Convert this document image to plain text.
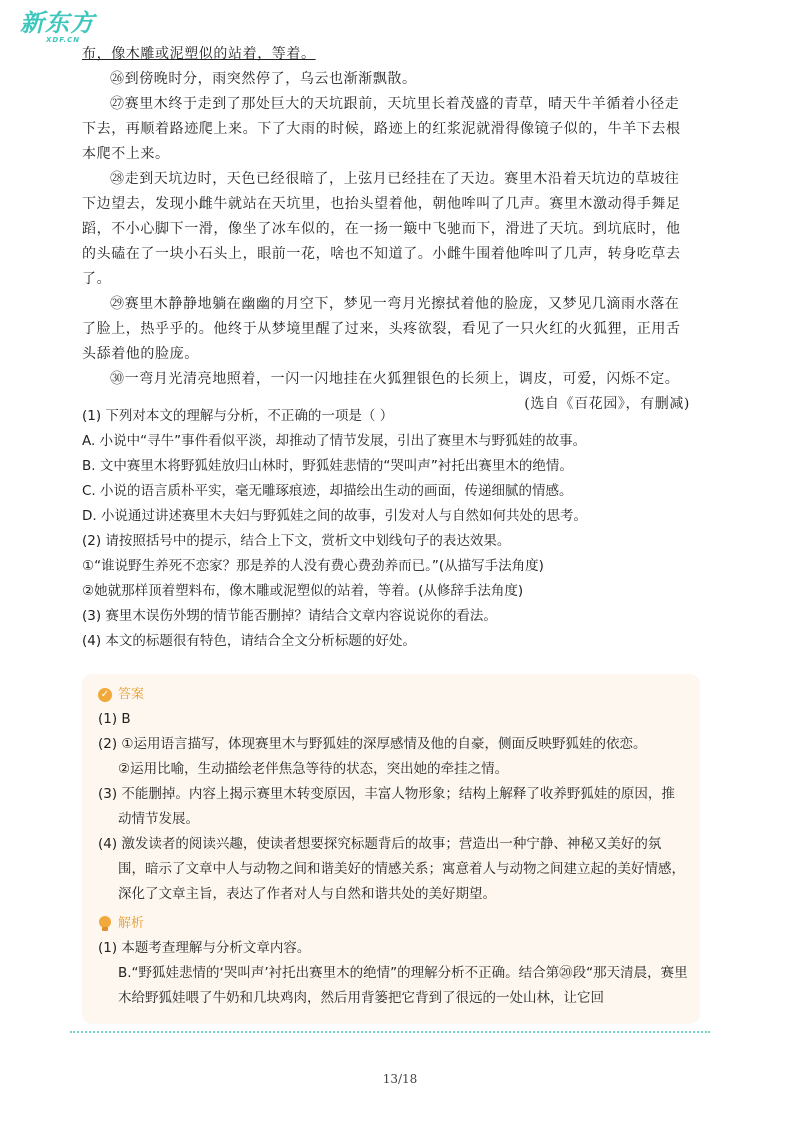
新东方
XDF.CN

布，像木雕或泥塑似的站着，等着。

㉖到傍晚时分，雨突然停了，乌云也渐渐飘散。

㉗赛里木终于走到了那处巨大的天坑跟前，天坑里长着茂盛的青草，晴天牛羊循着小径走下去，再顺着路迹爬上来。下了大雨的时候，路迹上的红浆泥就滑得像镜子似的，牛羊下去根本爬不上来。

㉘走到天坑边时，天色已经很暗了，上弦月已经挂在了天边。赛里木沿着天坑边的草坡往下边望去，发现小雌牛就站在天坑里，也抬头望着他，朝他哞叫了几声。赛里木激动得手舞足蹈，不小心脚下一滑，像坐了冰车似的，在一扬一簸中飞驰而下，滑进了天坑。到坑底时，他的头磕在了一块小石头上，眼前一花，啥也不知道了。小雌牛围着他哞叫了几声，转身吃草去了。

㉙赛里木静静地躺在幽幽的月空下，梦见一弯月光擦拭着他的脸庞，又梦见几滴雨水落在了脸上，热乎乎的。他终于从梦境里醒了过来，头疼欲裂，看见了一只火红的火狐狸，正用舌头舔着他的脸庞。

㉚一弯月光清亮地照着，一闪一闪地挂在火狐狸银色的长须上，调皮，可爱，闪烁不定。

(选自《百花园》，有删减)

(1) 下列对本文的理解与分析，不正确的一项是（ ）

A. 小说中“寻牛”事件看似平淡，却推动了情节发展，引出了赛里木与野狐娃的故事。

B. 文中赛里木将野狐娃放归山林时，野狐娃悲情的“哭叫声”衬托出赛里木的绝情。

C. 小说的语言质朴平实，毫无雕琢痕迹，却描绘出生动的画面，传递细腻的情感。

D. 小说通过讲述赛里木夫妇与野狐娃之间的故事，引发对人与自然如何共处的思考。

(2) 请按照括号中的提示，结合上下文，赏析文中划线句子的表达效果。

①“谁说野生养死不恋家？那是养的人没有费心费劲养而已。”(从描写手法角度)

②她就那样顶着塑料布，像木雕或泥塑似的站着，等着。(从修辞手法角度)

(3) 赛里木误伤外甥的情节能否删掉？请结合文章内容说说你的看法。

(4) 本文的标题很有特色，请结合全文分析标题的好处。

✓ 答案

(1) B

(2) ①运用语言描写，体现赛里木与野狐娃的深厚感情及他的自豪，侧面反映野狐娃的依恋。

②运用比喻，生动描绘老伴焦急等待的状态，突出她的牵挂之情。

(3) 不能删掉。内容上揭示赛里木转变原因，丰富人物形象；结构上解释了收养野狐娃的原因，推动情节发展。

(4) 激发读者的阅读兴趣，使读者想要探究标题背后的故事；营造出一种宁静、神秘又美好的氛围，暗示了文章中人与动物之间和谐美好的情感关系；寓意着人与动物之间建立起的美好情感，深化了文章主旨，表达了作者对人与自然和谐共处的美好期望。

解析

(1) 本题考查理解与分析文章内容。

B.“野狐娃悲情的‘哭叫声’衬托出赛里木的绝情”的理解分析不正确。结合第⑳段“那天清晨，赛里木给野狐娃喂了牛奶和几块鸡肉，然后用背篓把它背到了很远的一处山林，让它回

13/18
